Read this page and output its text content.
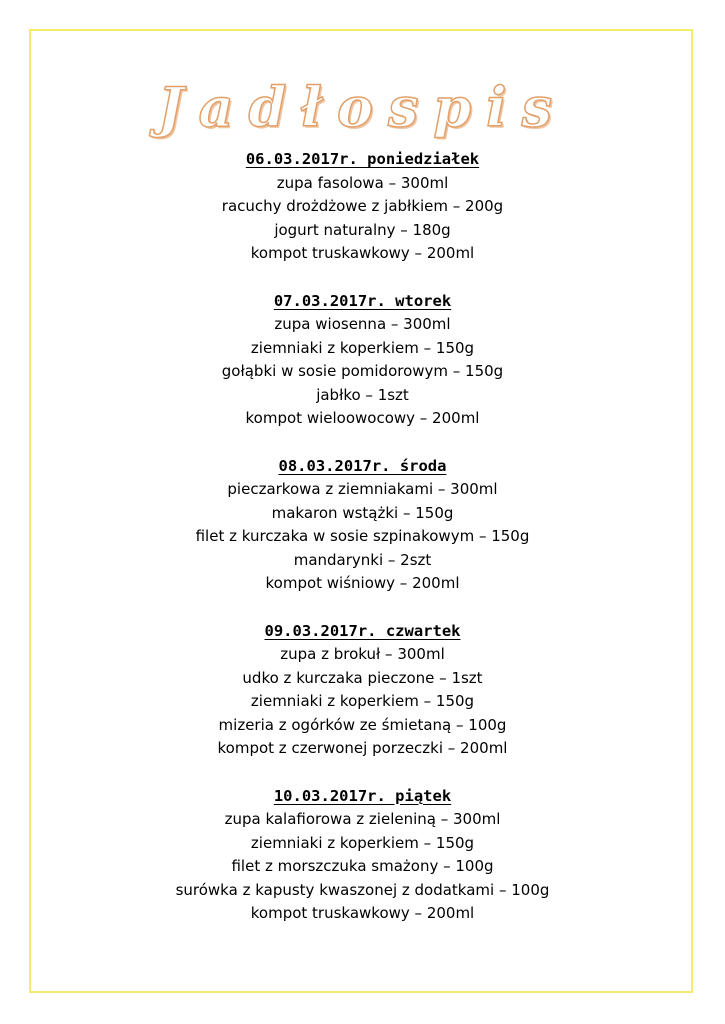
Jadłospis
06.03.2017r. poniedziałek
zupa fasolowa – 300ml
racuchy drożdżowe z jabłkiem – 200g
jogurt naturalny – 180g
kompot truskawkowy – 200ml
07.03.2017r. wtorek
zupa wiosenna – 300ml
ziemniaki z koperkiem – 150g
gołąbki w sosie pomidorowym – 150g
jabłko – 1szt
kompot wieloowocowy – 200ml
08.03.2017r. środa
pieczarkowa z ziemniakami – 300ml
makaron wstążki – 150g
filet z kurczaka w sosie szpinakowym – 150g
mandarynki – 2szt
kompot wiśniowy – 200ml
09.03.2017r. czwartek
zupa z brokuł – 300ml
udko z kurczaka pieczone – 1szt
ziemniaki z koperkiem – 150g
mizeria z ogórków ze śmietaną – 100g
kompot z czerwonej porzeczki – 200ml
10.03.2017r. piątek
zupa kalafiorowa z zieleniną – 300ml
ziemniaki z koperkiem – 150g
filet z morszczuka smażony – 100g
surówka z kapusty kwaszonej z dodatkami – 100g
kompot truskawkowy – 200ml
